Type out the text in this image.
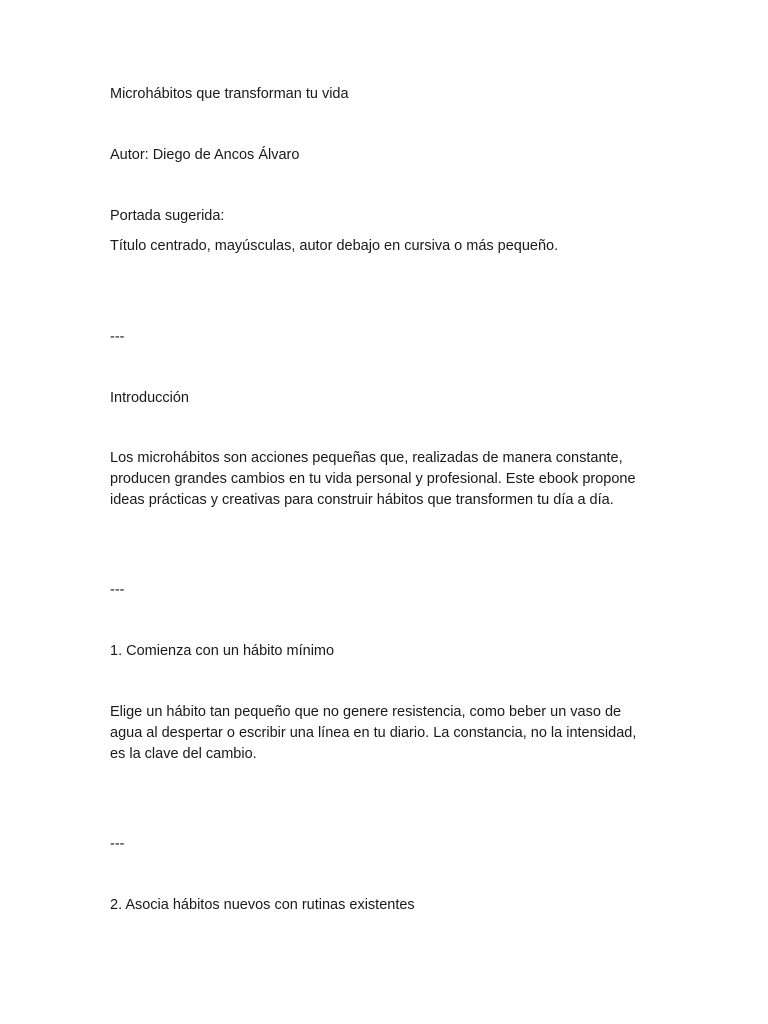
Microhábitos que transforman tu vida

Autor: Diego de Ancos Álvaro

Portada sugerida:

Título centrado, mayúsculas, autor debajo en cursiva o más pequeño.

---

Introducción

Los microhábitos son acciones pequeñas que, realizadas de manera constante,
producen grandes cambios en tu vida personal y profesional. Este ebook propone
ideas prácticas y creativas para construir hábitos que transformen tu día a día.

---

1. Comienza con un hábito mínimo

Elige un hábito tan pequeño que no genere resistencia, como beber un vaso de
agua al despertar o escribir una línea en tu diario. La constancia, no la intensidad,
es la clave del cambio.

---

2. Asocia hábitos nuevos con rutinas existentes
